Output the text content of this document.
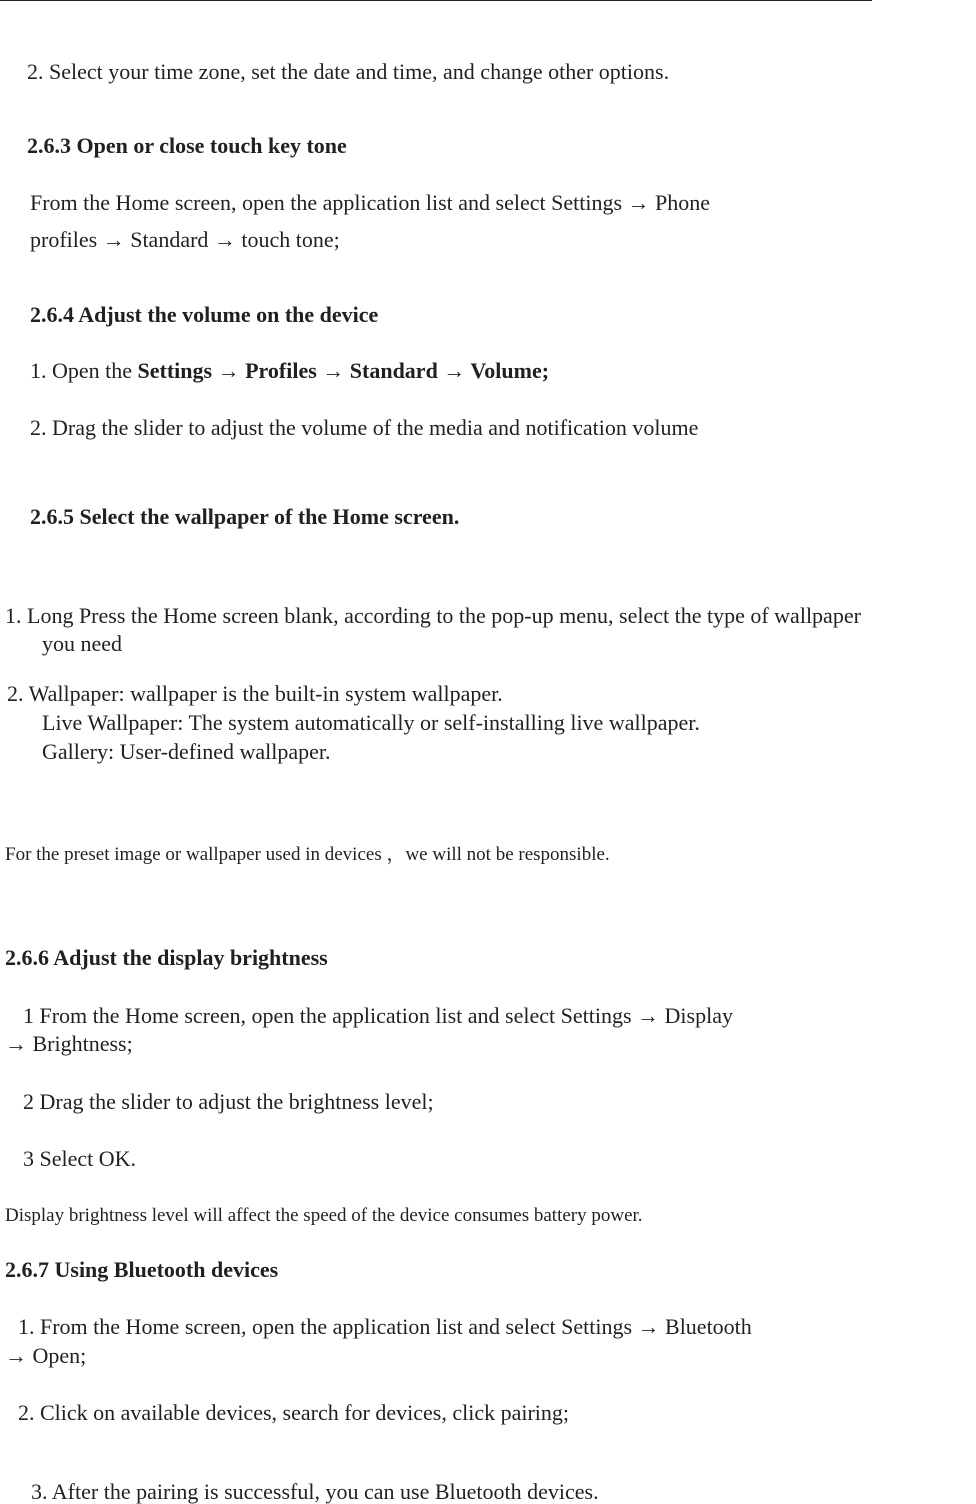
2. Select your time zone, set the date and time, and change other options.
2.6.3 Open or close touch key tone
From the Home screen, open the application list and select Settings → Phone
profiles → Standard → touch tone;
2.6.4 Adjust the volume on the device
1. Open the Settings → Profiles → Standard → Volume;
2. Drag the slider to adjust the volume of the media and notification volume
2.6.5 Select the wallpaper of the Home screen.
1. Long Press the Home screen blank, according to the pop-up menu, select the type of wallpaper
you need
2. Wallpaper: wallpaper is the built-in system wallpaper.
Live Wallpaper: The system automatically or self-installing live wallpaper.
Gallery: User-defined wallpaper.
For the preset image or wallpaper used in devices ，we will not be responsible.
2.6.6 Adjust the display brightness
1 From the Home screen, open the application list and select Settings → Display
→ Brightness;
2 Drag the slider to adjust the brightness level;
3 Select OK.
Display brightness level will affect the speed of the device consumes battery power.
2.6.7 Using Bluetooth devices
1. From the Home screen, open the application list and select Settings → Bluetooth
→ Open;
2. Click on available devices, search for devices, click pairing;
3. After the pairing is successful, you can use Bluetooth devices.
